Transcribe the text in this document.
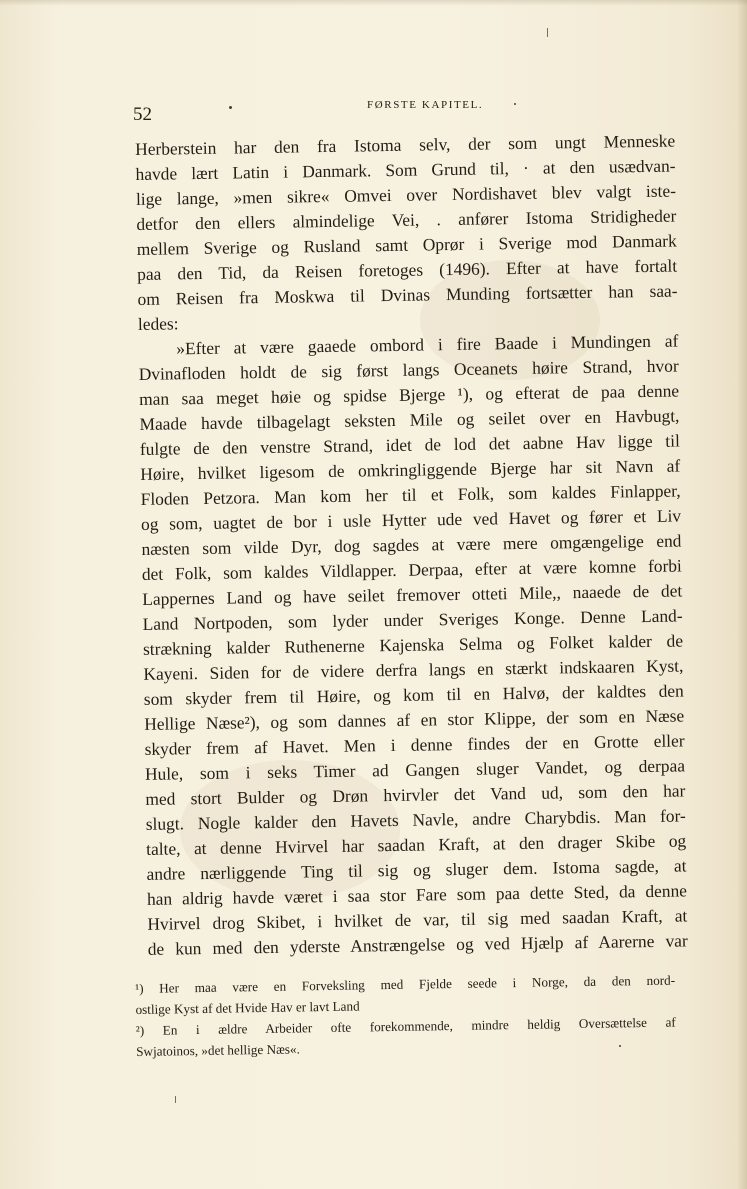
52	FØRSTE KAPITEL.
Herberstein har den fra Istoma selv, der som ungt Menneske
havde lært Latin i Danmark. Som Grund til, · at den usædvan-
lige lange, »men sikre« Omvei over Nordishavet blev valgt iste-
detfor den ellers almindelige Vei, . anfører Istoma Stridigheder
mellem Sverige og Rusland samt Oprør i Sverige mod Danmark
paa den Tid, da Reisen foretoges (1496). Efter at have fortalt
om Reisen fra Moskwa til Dvinas Munding fortsætter han saa-
ledes:
»Efter at være gaaede ombord i fire Baade i Mundingen af
Dvinafloden holdt de sig først langs Oceanets høire Strand, hvor
man saa meget høie og spidse Bjerge ¹), og efterat de paa denne
Maade havde tilbagelagt seksten Mile og seilet over en Havbugt,
fulgte de den venstre Strand, idet de lod det aabne Hav ligge til
Høire, hvilket ligesom de omkringliggende Bjerge har sit Navn af
Floden Petzora. Man kom her til et Folk, som kaldes Finlapper,
og som, uagtet de bor i usle Hytter ude ved Havet og fører et Liv
næsten som vilde Dyr, dog sagdes at være mere omgængelige end
det Folk, som kaldes Vildlapper. Derpaa, efter at være komne forbi
Lappernes Land og have seilet fremover otteti Mile,, naaede de det
Land Nortpoden, som lyder under Sveriges Konge. Denne Land-
strækning kalder Ruthenerne Kajenska Selma og Folket kalder de
Kayeni. Siden for de videre derfra langs en stærkt indskaaren Kyst,
som skyder frem til Høire, og kom til en Halvø, der kaldtes den
Hellige Næse²), og som dannes af en stor Klippe, der som en Næse
skyder frem af Havet. Men i denne findes der en Grotte eller
Hule, som i seks Timer ad Gangen sluger Vandet, og derpaa
med stort Bulder og Drøn hvirvler det Vand ud, som den har
slugt. Nogle kalder den Havets Navle, andre Charybdis. Man for-
talte, at denne Hvirvel har saadan Kraft, at den drager Skibe og
andre nærliggende Ting til sig og sluger dem. Istoma sagde, at
han aldrig havde været i saa stor Fare som paa dette Sted, da denne
Hvirvel drog Skibet, i hvilket de var, til sig med saadan Kraft, at
de kun med den yderste Anstrængelse og ved Hjælp af Aarerne var
¹) Her maa være en Forveksling med Fjelde seede i Norge, da den nord-
ostlige Kyst af det Hvide Hav er lavt Land
²) En i ældre Arbeider ofte forekommende, mindre heldig Oversættelse af
Swjatoinos, »det hellige Næs«.
